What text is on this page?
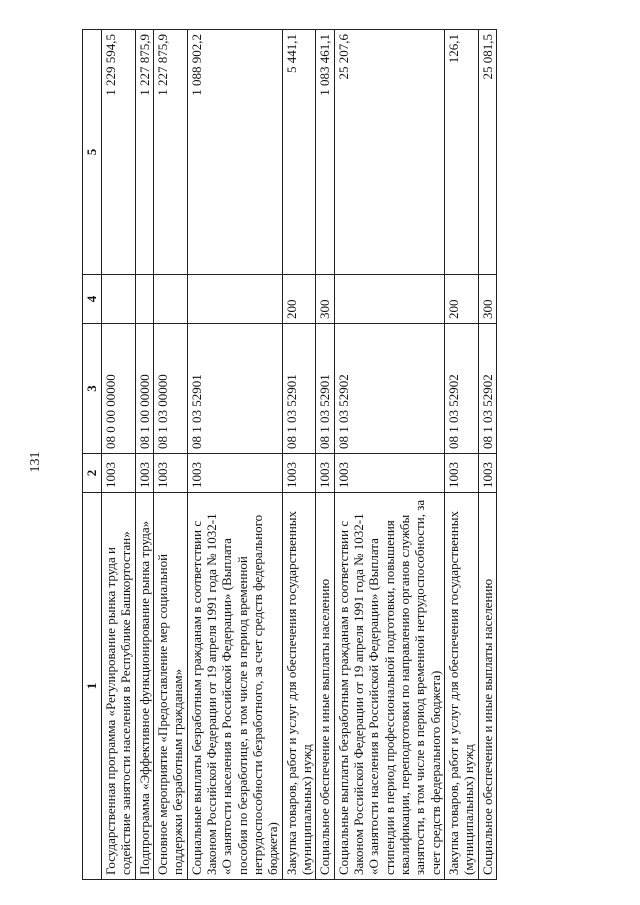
131
1	2	3	4	5
Государственная программа «Регулирование рынка труда и содействие занятости населения в Республике Башкортостан»	1003	08 0 00 00000		1 229 594,5
Подпрограмма «Эффективное функционирование рынка труда»	1003	08 1 00 00000		1 227 875,9
Основное мероприятие «Предоставление мер социальной поддержки безработным гражданам»	1003	08 1 03 00000		1 227 875,9
Социальные выплаты безработным гражданам в соответствии с Законом Российской Федерации от 19 апреля 1991 года № 1032-1 «О занятости населения в Российской Федерации» (Выплата пособия по безработице, в том числе в период временной нетрудоспособности безработного, за счет средств федерального бюджета)	1003	08 1 03 52901		1 088 902,2
Закупка товаров, работ и услуг для обеспечения государственных (муниципальных) нужд	1003	08 1 03 52901	200	5 441,1
Социальное обеспечение и иные выплаты населению	1003	08 1 03 52901	300	1 083 461,1
Социальные выплаты безработным гражданам в соответствии с Законом Российской Федерации от 19 апреля 1991 года № 1032-1 «О занятости населения в Российской Федерации» (Выплата стипендии в период профессиональной подготовки, повышения квалификации, переподготовки по направлению органов службы занятости, в том числе в период временной нетрудоспособности, за счет средств федерального бюджета)	1003	08 1 03 52902		25 207,6
Закупка товаров, работ и услуг для обеспечения государственных (муниципальных) нужд	1003	08 1 03 52902	200	126,1
Социальное обеспечение и иные выплаты населению	1003	08 1 03 52902	300	25 081,5
